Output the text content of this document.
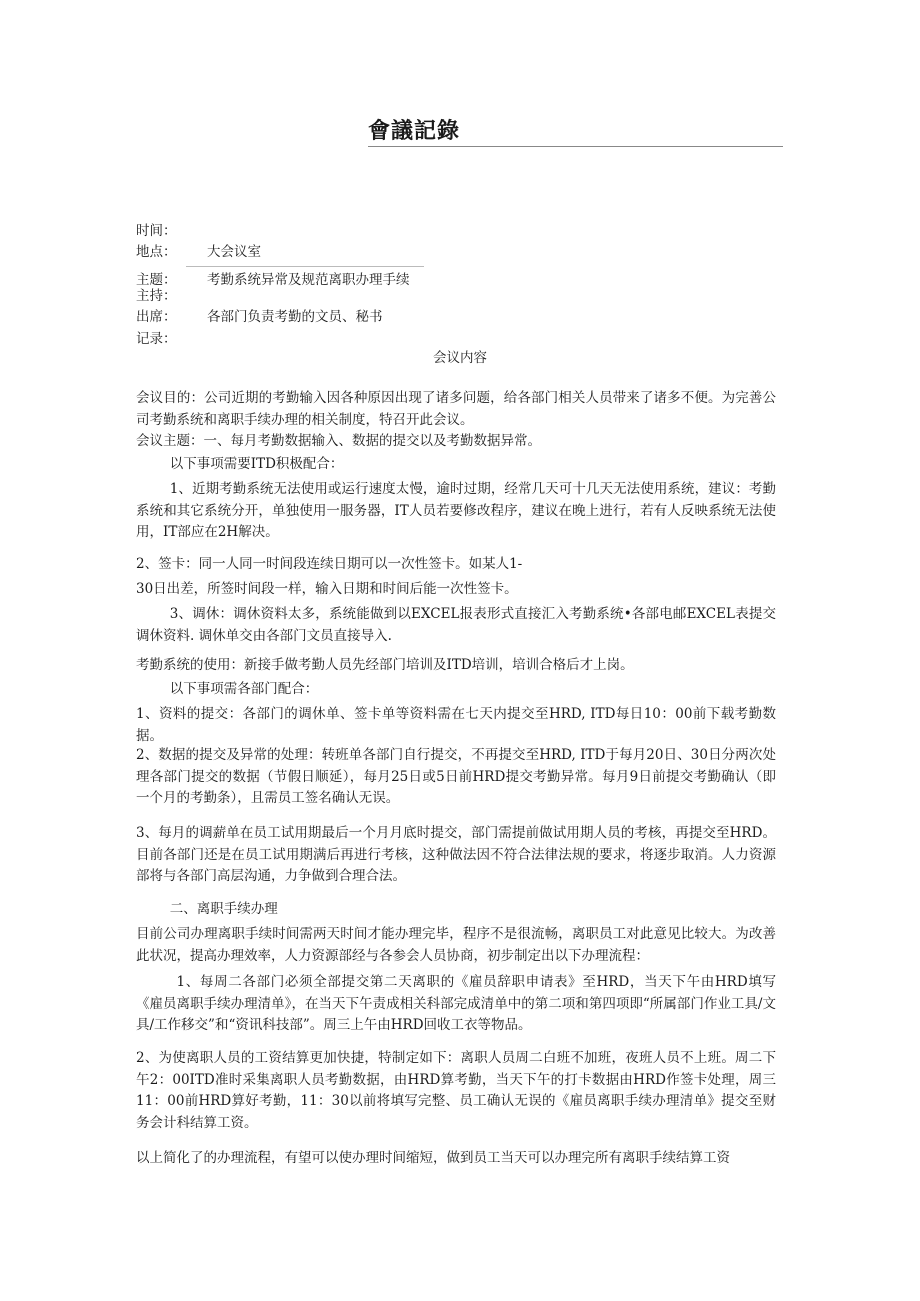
會議記錄
时间：
地点： 大会议室
主题： 考勤系统异常及规范离职办理手续
主持：
出席： 各部门负责考勤的文员、秘书
记录：
会议内容
会议目的：公司近期的考勤输入因各种原因出现了诸多问题，给各部门相关人员带来了诸多不便。为完善公司考勤系统和离职手续办理的相关制度，特召开此会议。
会议主题：一、每月考勤数据输入、数据的提交以及考勤数据异常。
以下事项需要ITD积极配合：
1、近期考勤系统无法使用或运行速度太慢，逾时过期，经常几天可十几天无法使用系统，建议：考勤系统和其它系统分开，单独使用一服务器，IT人员若要修改程序，建议在晚上进行，若有人反映系统无法使用，IT部应在2H解决。
2、签卡：同一人同一时间段连续日期可以一次性签卡。如某人1-
30日出差，所签时间段一样，输入日期和时间后能一次性签卡。
3、调休：调休资料太多，系统能做到以EXCEL报表形式直接汇入考勤系统•各部电邮EXCEL表提交调休资料. 调休单交由各部门文员直接导入.
考勤系统的使用：新接手做考勤人员先经部门培训及ITD培训，培训合格后才上岗。
以下事项需各部门配合：
1、资料的提交：各部门的调休单、签卡单等资料需在七天内提交至HRD, ITD每日10：00前下载考勤数据。
2、数据的提交及异常的处理：转班单各部门自行提交，不再提交至HRD, ITD于每月20日、30日分两次处理各部门提交的数据（节假日顺延），每月25日或5日前HRD提交考勤异常。每月9日前提交考勤确认（即一个月的考勤条），且需员工签名确认无误。
3、每月的调薪单在员工试用期最后一个月月底时提交，部门需提前做试用期人员的考核，再提交至HRD。目前各部门还是在员工试用期满后再进行考核，这种做法因不符合法律法规的要求，将逐步取消。人力资源部将与各部门高层沟通，力争做到合理合法。
二、离职手续办理
目前公司办理离职手续时间需两天时间才能办理完毕，程序不是很流畅，离职员工对此意见比较大。为改善此状况，提高办理效率，人力资源部经与各参会人员协商，初步制定出以下办理流程：
1、每周二各部门必须全部提交第二天离职的《雇员辞职申请表》至HRD，当天下午由HRD填写《雇员离职手续办理清单》，在当天下午责成相关科部完成清单中的第二项和第四项即“所属部门作业工具/文具/工作移交”和“资讯科技部”。周三上午由HRD回收工衣等物品。
2、为使离职人员的工资结算更加快捷，特制定如下：离职人员周二白班不加班，夜班人员不上班。周二下午2：00ITD准时采集离职人员考勤数据，由HRD算考勤，当天下午的打卡数据由HRD作签卡处理，周三11：00前HRD算好考勤，11：30以前将填写完整、员工确认无误的《雇员离职手续办理清单》提交至财务会计科结算工资。
以上简化了的办理流程，有望可以使办理时间缩短，做到员工当天可以办理完所有离职手续结算工资
